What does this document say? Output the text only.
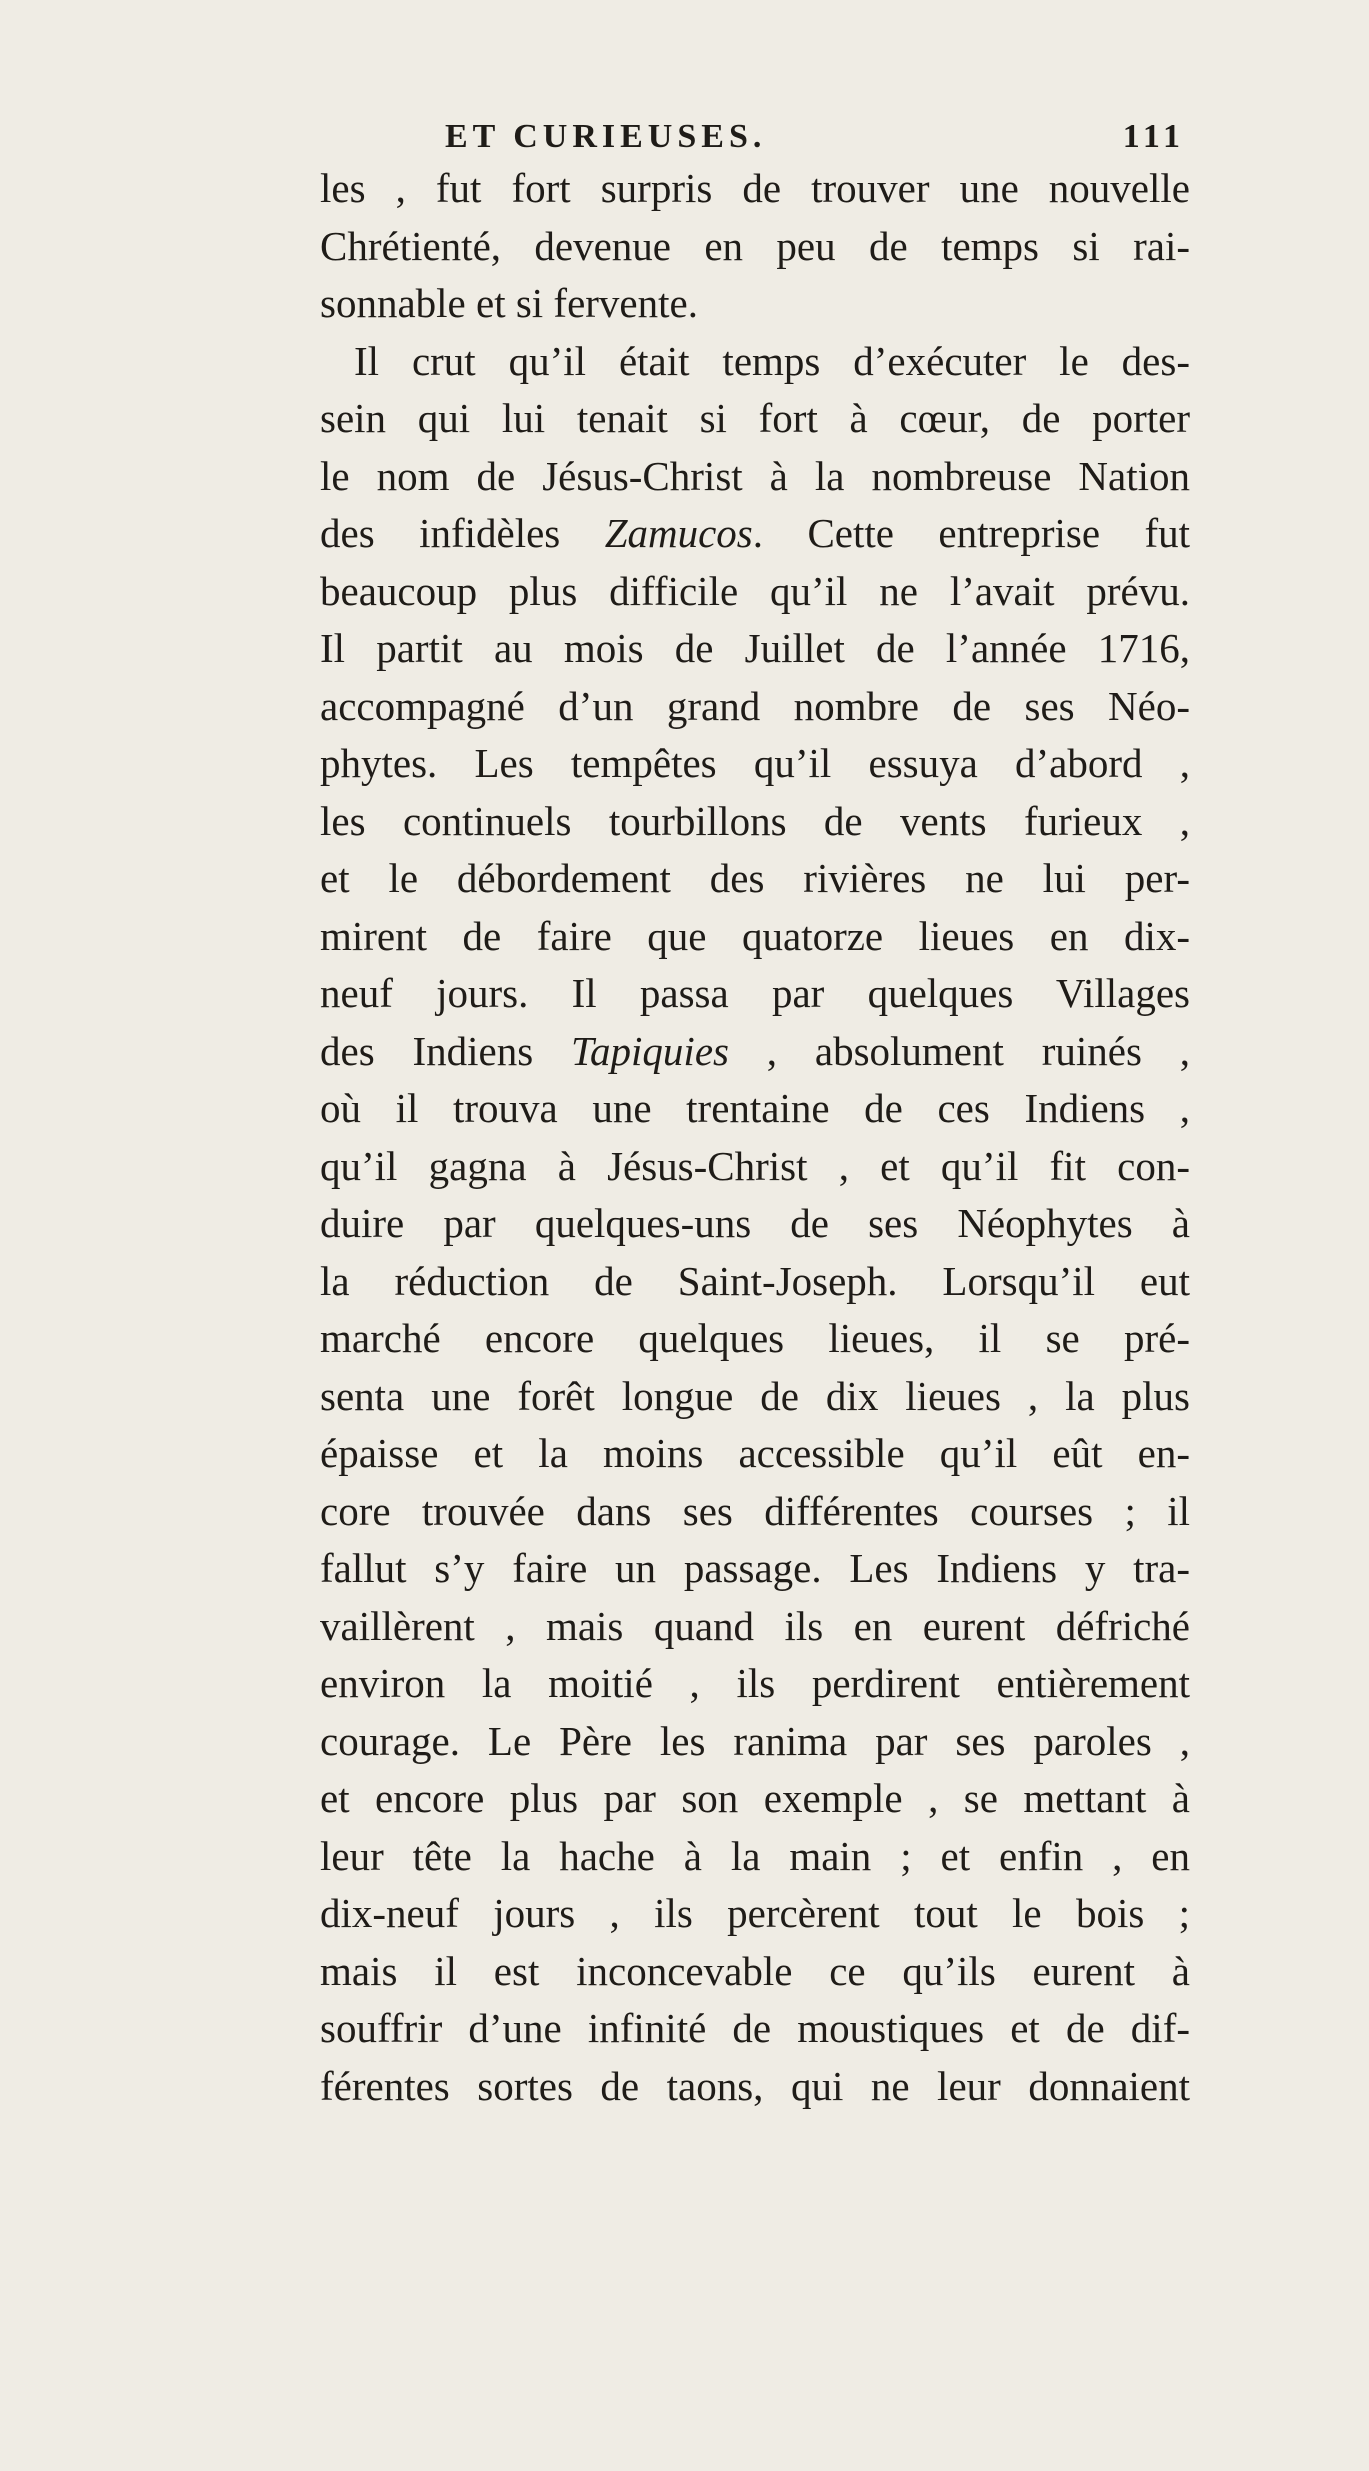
ET CURIEUSES.	111
les , fut fort surpris de trouver une nouvelle
Chrétienté, devenue en peu de temps si rai-
sonnable et si fervente.
Il crut qu’il était temps d’exécuter le des-
sein qui lui tenait si fort à cœur, de porter
le nom de Jésus-Christ à la nombreuse Nation
des infidèles Zamucos. Cette entreprise fut
beaucoup plus difficile qu’il ne l’avait prévu.
Il partit au mois de Juillet de l’année 1716,
accompagné d’un grand nombre de ses Néo-
phytes. Les tempêtes qu’il essuya d’abord ,
les continuels tourbillons de vents furieux ,
et le débordement des rivières ne lui per-
mirent de faire que quatorze lieues en dix-
neuf jours. Il passa par quelques Villages
des Indiens Tapiquies , absolument ruinés ,
où il trouva une trentaine de ces Indiens ,
qu’il gagna à Jésus-Christ , et qu’il fit con-
duire par quelques-uns de ses Néophytes à
la réduction de Saint-Joseph. Lorsqu’il eut
marché encore quelques lieues, il se pré-
senta une forêt longue de dix lieues , la plus
épaisse et la moins accessible qu’il eût en-
core trouvée dans ses différentes courses ; il
fallut s’y faire un passage. Les Indiens y tra-
vaillèrent , mais quand ils en eurent défriché
environ la moitié , ils perdirent entièrement
courage. Le Père les ranima par ses paroles ,
et encore plus par son exemple , se mettant à
leur tête la hache à la main ; et enfin , en
dix-neuf jours , ils percèrent tout le bois ;
mais il est inconcevable ce qu’ils eurent à
souffrir d’une infinité de moustiques et de dif-
férentes sortes de taons, qui ne leur donnaient
